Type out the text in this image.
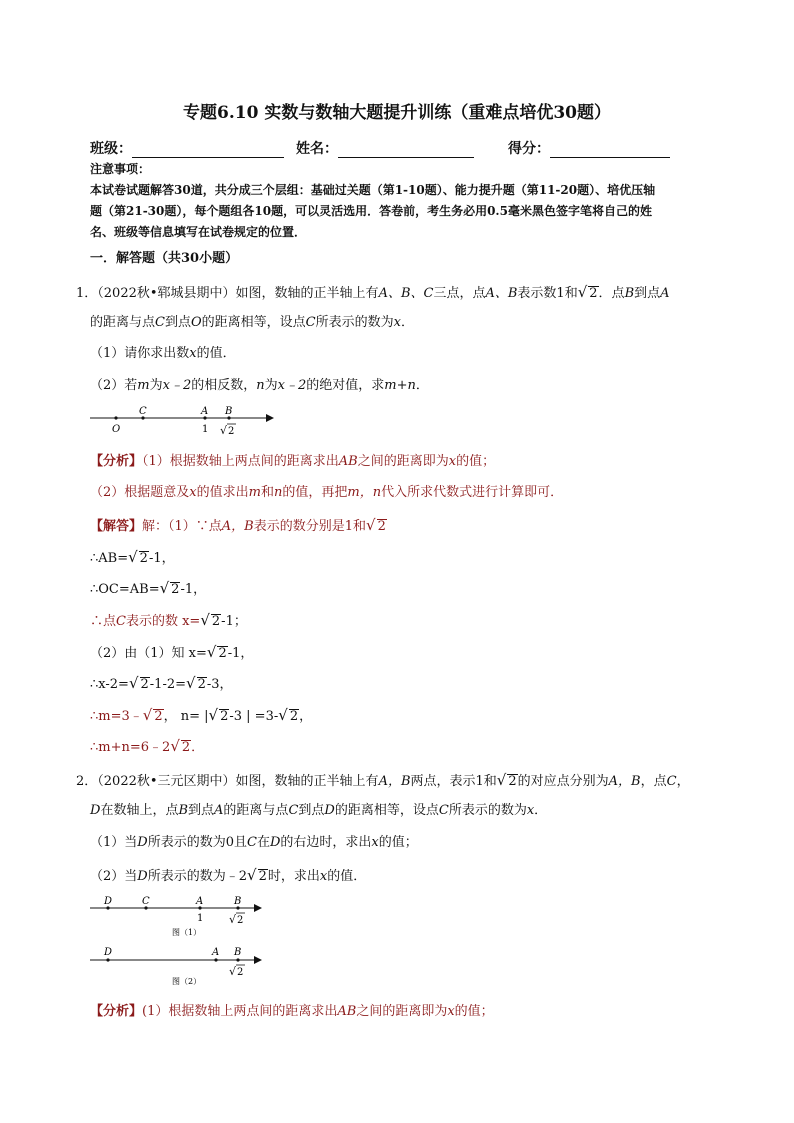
专题6.10 实数与数轴大题提升训练（重难点培优30题）
班级：	姓名：	得分：
注意事项：
本试卷试题解答30道，共分成三个层组：基础过关题（第1-10题）、能力提升题（第11-20题）、培优压轴
题（第21-30题），每个题组各10题，可以灵活选用．答卷前，考生务必用0.5毫米黑色签字笔将自己的姓
名、班级等信息填写在试卷规定的位置．
一．解答题（共30小题）
1．（2022秋•郓城县期中）如图，数轴的正半轴上有A、B、C三点，点A、B表示数1和√ 2．点B到点A
的距离与点C到点O的距离相等，设点C所表示的数为x．
（1）请你求出数x的值．
（2）若m为x﹣2的相反数，n为x﹣2的绝对值，求m+n．
C	A B
O	1 √ 2
【分析】（1）根据数轴上两点间的距离求出AB之间的距离即为x的值；
（2）根据题意及x的值求出m和n的值，再把m，n代入所求代数式进行计算即可．
【解答】解：（1）∵点A，B表示的数分别是1和√ 2
∴AB=√ 2-1，
∴OC=AB=√ 2-1，
∴点C表示的数 x=√ 2-1；
（2）由（1）知 x=√ 2-1，
∴x-2=√ 2-1-2=√ 2-3，
∴m=3﹣√ 2， n= |√ 2-3 | =3-√ 2，
∴m+n=6﹣2√ 2．
2．（2022秋•三元区期中）如图，数轴的正半轴上有A，B两点，表示1和√ 2的对应点分别为A，B，点C，
D在数轴上，点B到点A的距离与点C到点D的距离相等，设点C所表示的数为x．
（1）当D所表示的数为0且C在D的右边时，求出x的值；
（2）当D所表示的数为﹣2√ 2时，求出x的值．
D	C	A	B
1 √ 2
图（1）
D	A B
√ 2
图（2）
【分析】(1）根据数轴上两点间的距离求出AB之间的距离即为x的值；
